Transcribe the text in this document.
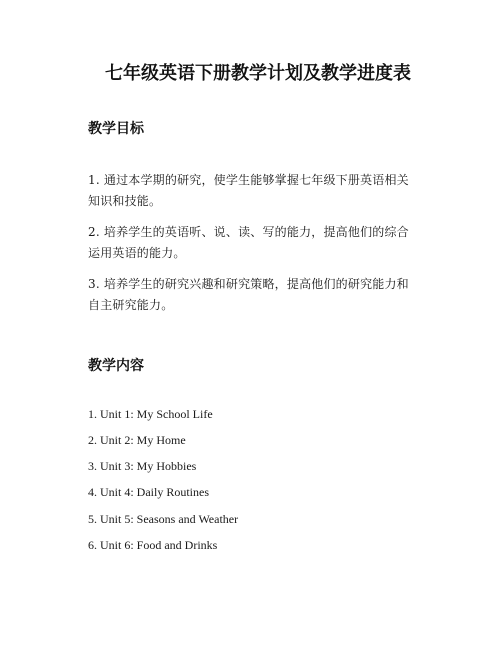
七年级英语下册教学计划及教学进度表
教学目标
1. 通过本学期的研究，使学生能够掌握七年级下册英语相关知识和技能。
2. 培养学生的英语听、说、读、写的能力，提高他们的综合运用英语的能力。
3. 培养学生的研究兴趣和研究策略，提高他们的研究能力和自主研究能力。
教学内容
1. Unit 1: My School Life
2. Unit 2: My Home
3. Unit 3: My Hobbies
4. Unit 4: Daily Routines
5. Unit 5: Seasons and Weather
6. Unit 6: Food and Drinks
